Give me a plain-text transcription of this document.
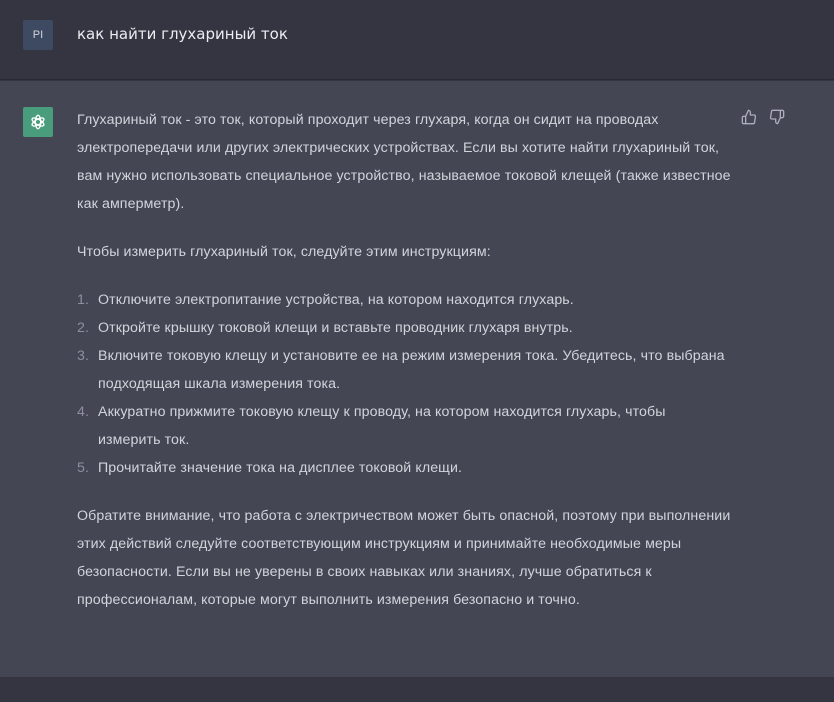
PI	как найти глухариный ток

Глухариный ток - это ток, который проходит через глухаря, когда он сидит на проводах электропередачи или других электрических устройствах. Если вы хотите найти глухариный ток, вам нужно использовать специальное устройство, называемое токовой клещей (также известное как амперметр).

Чтобы измерить глухариный ток, следуйте этим инструкциям:

1. Отключите электропитание устройства, на котором находится глухарь.
2. Откройте крышку токовой клещи и вставьте проводник глухаря внутрь.
3. Включите токовую клещу и установите ее на режим измерения тока. Убедитесь, что выбрана подходящая шкала измерения тока.
4. Аккуратно прижмите токовую клещу к проводу, на котором находится глухарь, чтобы измерить ток.
5. Прочитайте значение тока на дисплее токовой клещи.

Обратите внимание, что работа с электричеством может быть опасной, поэтому при выполнении этих действий следуйте соответствующим инструкциям и принимайте необходимые меры безопасности. Если вы не уверены в своих навыках или знаниях, лучше обратиться к профессионалам, которые могут выполнить измерения безопасно и точно.
